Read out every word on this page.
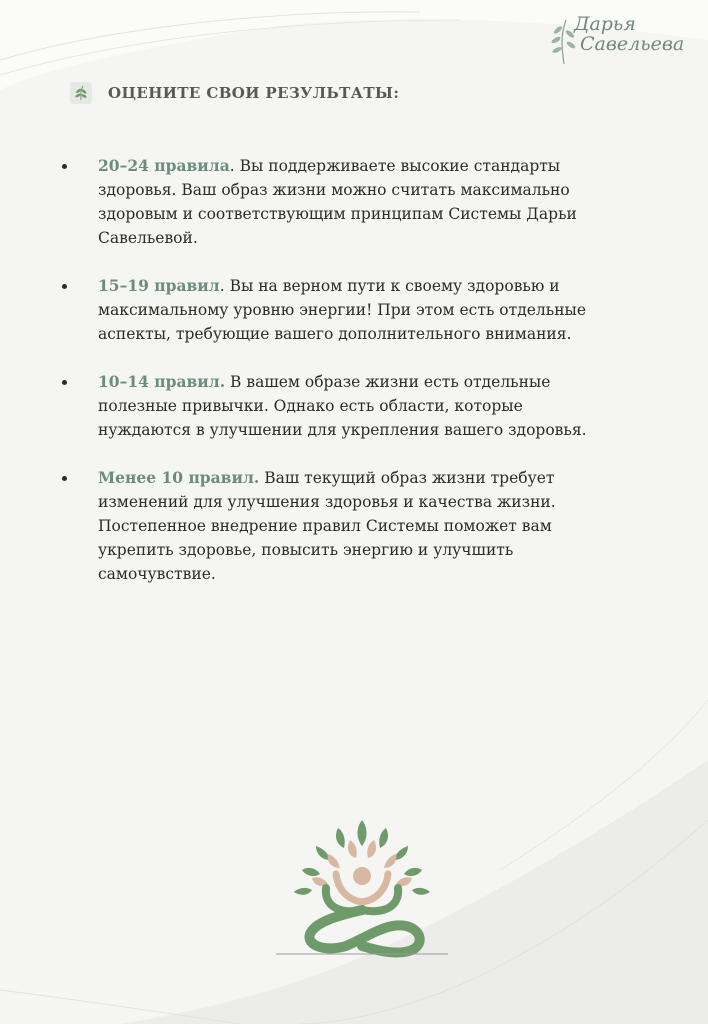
Дарья
Савельева
ОЦЕНИТЕ СВОИ РЕЗУЛЬТАТЫ:
20–24 правила. Вы поддерживаете высокие стандарты здоровья. Ваш образ жизни можно считать максимально здоровым и соответствующим принципам Системы Дарьи Савельевой.
15–19 правил. Вы на верном пути к своему здоровью и максимальному уровню энергии! При этом есть отдельные аспекты, требующие вашего дополнительного внимания.
10–14 правил. В вашем образе жизни есть отдельные полезные привычки. Однако есть области, которые нуждаются в улучшении для укрепления вашего здоровья.
Менее 10 правил. Ваш текущий образ жизни требует изменений для улучшения здоровья и качества жизни. Постепенное внедрение правил Системы поможет вам укрепить здоровье, повысить энергию и улучшить самочувствие.
